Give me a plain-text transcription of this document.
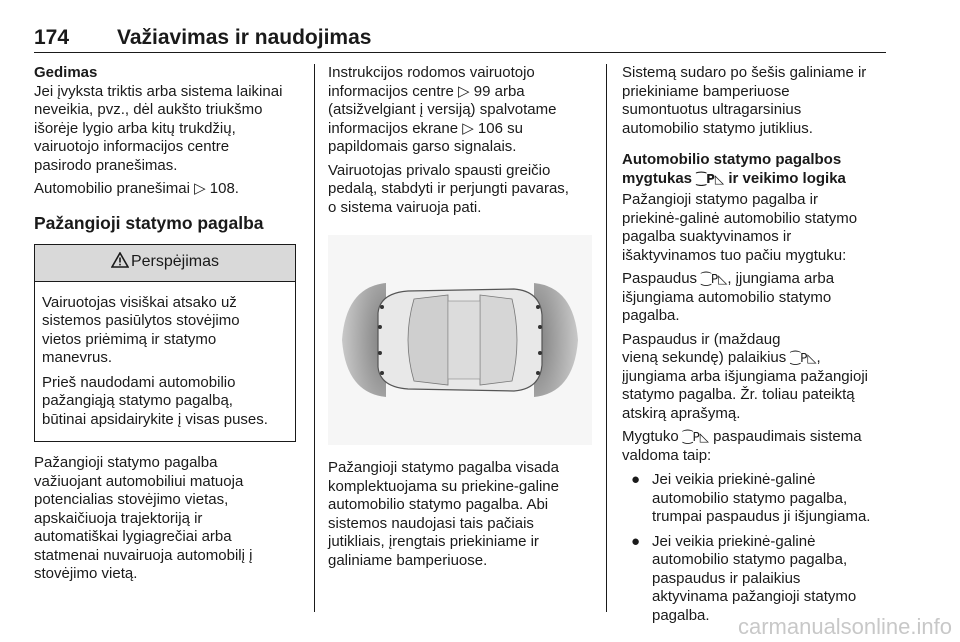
174 Važiavimas ir naudojimas
Gedimas

Jei įvyksta triktis arba sistema laikinai
neveikia, pvz., dėl aukšto triukšmo
išorėje lygio arba kitų trukdžių,
vairuotojo informacijos centre
pasirodo pranešimas.

Automobilio pranešimai ▷ 108.

Pažangioji statymo pagalba
Perspėjimas

Vairuotojas visiškai atsako už
sistemos pasiūlytos stovėjimo
vietos priėmimą ir statymo
manevrus.

Prieš naudodami automobilio
pažangiąją statymo pagalbą,
būtinai apsidairykite į visas puses.

Pažangioji statymo pagalba
važiuojant automobiliui matuoja
potencialias stovėjimo vietas,
apskaičiuoja trajektoriją ir
automatiškai lygiagrečiai arba
statmenai nuvairuoja automobilį į
stovėjimo vietą.

Instrukcijos rodomos vairuotojo
informacijos centre ▷ 99 arba
(atsižvelgiant į versiją) spalvotame
informacijos ekrane ▷ 106 su
papildomais garso signalais.

Vairuotojas privalo spausti greičio
pedalą, stabdyti ir perjungti pavaras,
o sistema vairuoja pati.

Pažangioji statymo pagalba visada
komplektuojama su priekine-galine
automobilio statymo pagalba. Abi
sistemos naudojasi tais pačiais
jutikliais, įrengtais priekiniame ir
galiniame bamperiuose.

Sistemą sudaro po šešis galiniame ir
priekiniame bamperiuose
sumontuotus ultragarsinius
automobilio statymo jutiklius.

Automobilio statymo pagalbos
mygtukas ⁐P◺ ir veikimo logika

Pažangioji statymo pagalba ir
priekinė-galinė automobilio statymo
pagalba suaktyvinamos ir
išaktyvinamos tuo pačiu mygtuku:

Paspaudus ⁐P◺, įjungiama arba
išjungiama automobilio statymo
pagalba.

Paspaudus ir (maždaug
vieną sekundę) palaikius ⁐P◺,
įjungiama arba išjungiama pažangioji
statymo pagalba. Žr. toliau pateiktą
atskirą aprašymą.

Mygtuko ⁐P◺ paspaudimais sistema
valdoma taip:

● Jei veikia priekinė-galinė
automobilio statymo pagalba,
trumpai paspaudus ji išjungiama.
● Jei veikia priekinė-galinė
automobilio statymo pagalba,
paspaudus ir palaikius
aktyvinama pažangioji statymo
pagalba.	carmanualsonline.info
